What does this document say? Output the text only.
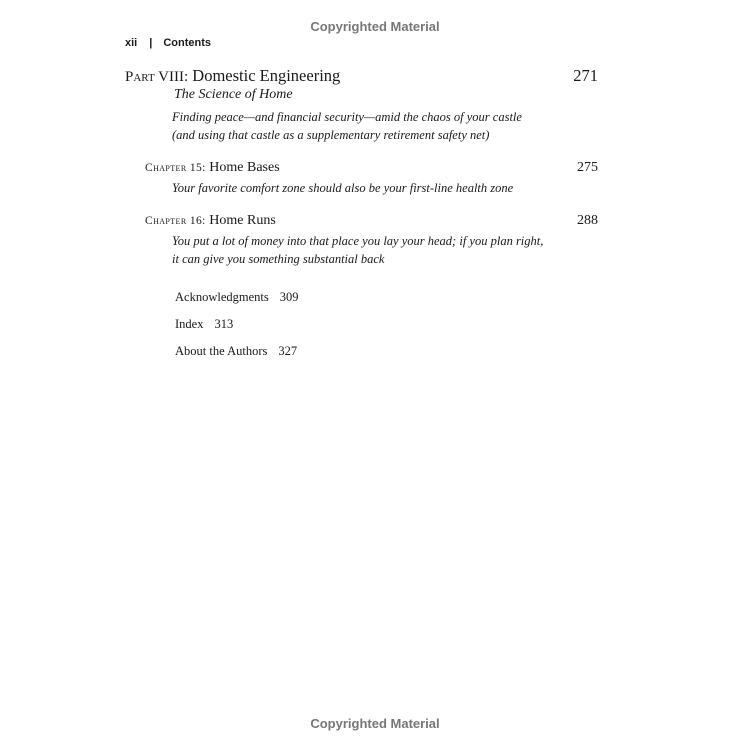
Copyrighted Material
xii | Contents
Part VIII: Domestic Engineering	271
The Science of Home
Finding peace—and financial security—amid the chaos of your castle
(and using that castle as a supplementary retirement safety net)
Chapter 15: Home Bases	275
Your favorite comfort zone should also be your first-line health zone
Chapter 16: Home Runs	288
You put a lot of money into that place you lay your head; if you plan right,
it can give you something substantial back
Acknowledgments 309
Index 313
About the Authors 327
Copyrighted Material
